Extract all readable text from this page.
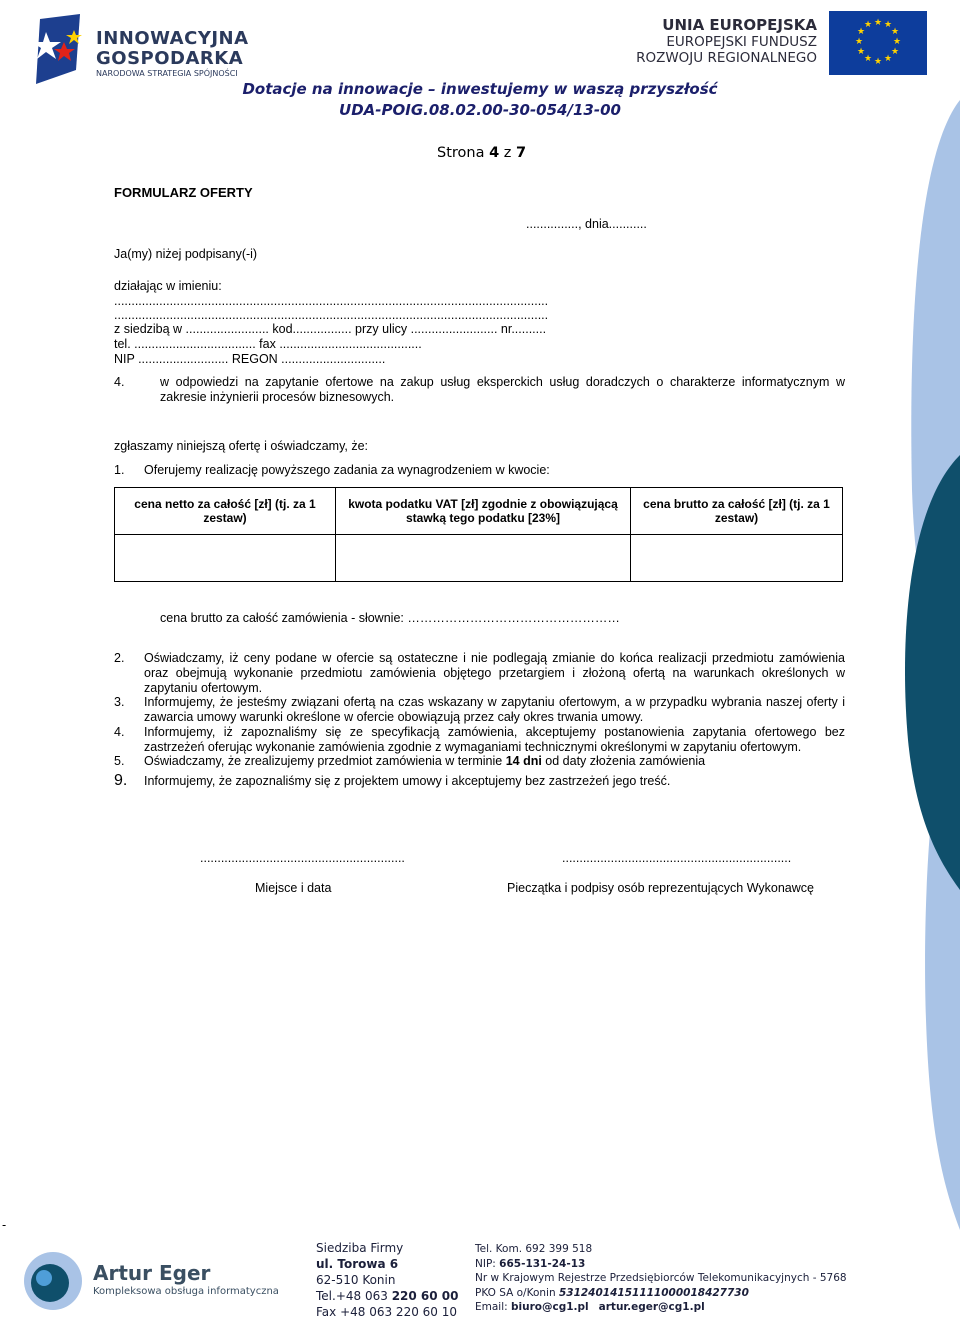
INNOWACYJNA
GOSPODARKA
NARODOWA STRATEGIA SPÓJNOŚCI
UNIA EUROPEJSKA
EUROPEJSKI FUNDUSZ
ROZWOJU REGIONALNEGO
★ ★
★
★
★
★
★
★
★
★
★
★
Dotacje na innowacje – inwestujemy w waszą przyszłość
UDA-POIG.08.02.00-30-054/13-00
Strona 4 z 7
FORMULARZ OFERTY
..............., dnia...........
Ja(my) niżej podpisany(-i)
działając w imieniu:
.............................................................................................................................
.............................................................................................................................
z siedzibą w ........................ kod................. przy ulicy ......................... nr..........
tel. ................................... fax .........................................
NIP .......................... REGON ..............................
4.	w odpowiedzi na zapytanie ofertowe na zakup usług eksperckich usług doradczych o charakterze informatycznym w zakresie inżynierii procesów biznesowych.
zgłaszamy niniejszą ofertę i oświadczamy, że:
1. Oferujemy realizację powyższego zadania za wynagrodzeniem w kwocie:
cena netto za całość [zł] (tj. za 1 zestaw)	kwota podatku VAT [zł] zgodnie z obowiązującą stawką tego podatku [23%]	cena brutto za całość [zł] (tj. za 1 zestaw)

cena brutto za całość zamówienia - słownie: ……………………………………………
2. Oświadczamy, iż ceny podane w ofercie są ostateczne i nie podlegają zmianie do końca realizacji przedmiotu zamówienia oraz obejmują wykonanie przedmiotu zamówienia objętego przetargiem i złożoną ofertą na warunkach określonych w zapytaniu ofertowym.
3. Informujemy, że jesteśmy związani ofertą na czas wskazany w zapytaniu ofertowym, a w przypadku wybrania naszej oferty i zawarcia umowy warunki określone w ofercie obowiązują przez cały okres trwania umowy.
4. Informujemy, iż zapoznaliśmy się ze specyfikacją zamówienia, akceptujemy postanowienia zapytania ofertowego bez zastrzeżeń oferując wykonanie zamówienia zgodnie z wymaganiami technicznymi określonymi w zapytaniu ofertowym.
5. Oświadczamy, że zrealizujemy przedmiot zamówienia w terminie 14 dni od daty złożenia zamówienia
9. Informujemy, że zapoznaliśmy się z projektem umowy i akceptujemy bez zastrzeżeń jego treść.
...........................................................	..................................................................
Miejsce i data	Pieczątka i podpisy osób reprezentujących Wykonawcę
-
Artur Eger
Kompleksowa obsługa informatyczna
Siedziba Firmy
ul. Torowa 6
62-510 Konin
Tel.+48 063 220 60 00
Fax +48 063 220 60 10
Tel. Kom. 692 399 518
NIP: 665-131-24-13
Nr w Krajowym Rejestrze Przedsiębiorców Telekomunikacyjnych - 5768
PKO SA o/Konin 53124014151111000018427730
Email: biuro@cg1.pl artur.eger@cg1.pl
